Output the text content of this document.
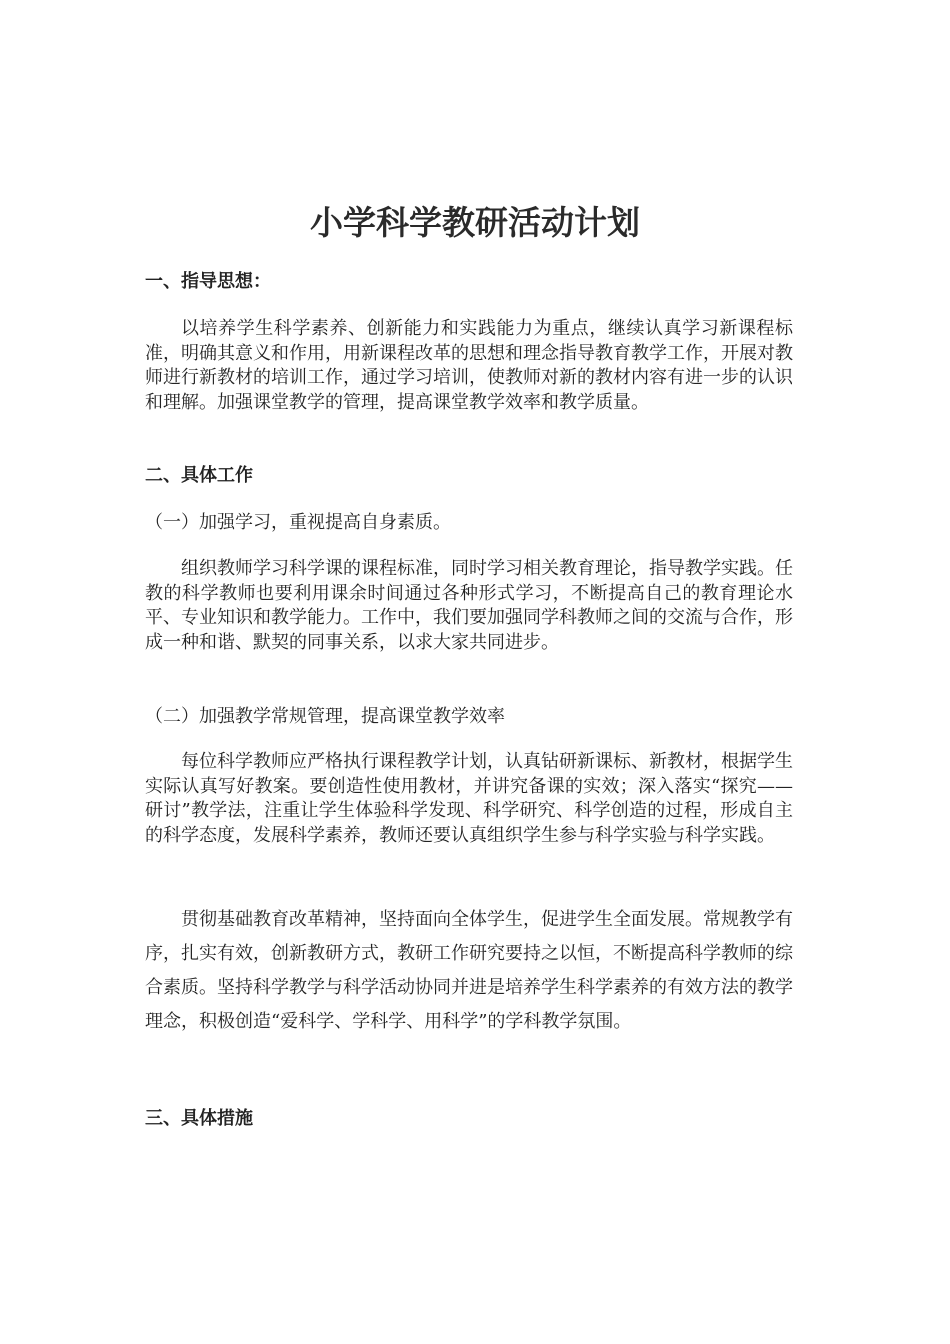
小学科学教研活动计划
一、指导思想：
以培养学生科学素养、创新能力和实践能力为重点，继续认真学习新课程标准，明确其意义和作用，用新课程改革的思想和理念指导教育教学工作，开展对教师进行新教材的培训工作，通过学习培训，使教师对新的教材内容有进一步的认识和理解。加强课堂教学的管理，提高课堂教学效率和教学质量。
二、具体工作
（一）加强学习，重视提高自身素质。
组织教师学习科学课的课程标准，同时学习相关教育理论，指导教学实践。任教的科学教师也要利用课余时间通过各种形式学习，不断提高自己的教育理论水平、专业知识和教学能力。工作中，我们要加强同学科教师之间的交流与合作，形成一种和谐、默契的同事关系，以求大家共同进步。
（二）加强教学常规管理，提高课堂教学效率
每位科学教师应严格执行课程教学计划，认真钻研新课标、新教材，根据学生实际认真写好教案。要创造性使用教材，并讲究备课的实效；深入落实“探究——研讨”教学法，注重让学生体验科学发现、科学研究、科学创造的过程，形成自主的科学态度，发展科学素养，教师还要认真组织学生参与科学实验与科学实践。
贯彻基础教育改革精神，坚持面向全体学生，促进学生全面发展。常规教学有序，扎实有效，创新教研方式，教研工作研究要持之以恒，不断提高科学教师的综合素质。坚持科学教学与科学活动协同并进是培养学生科学素养的有效方法的教学理念，积极创造“爱科学、学科学、用科学”的学科教学氛围。
三、具体措施
